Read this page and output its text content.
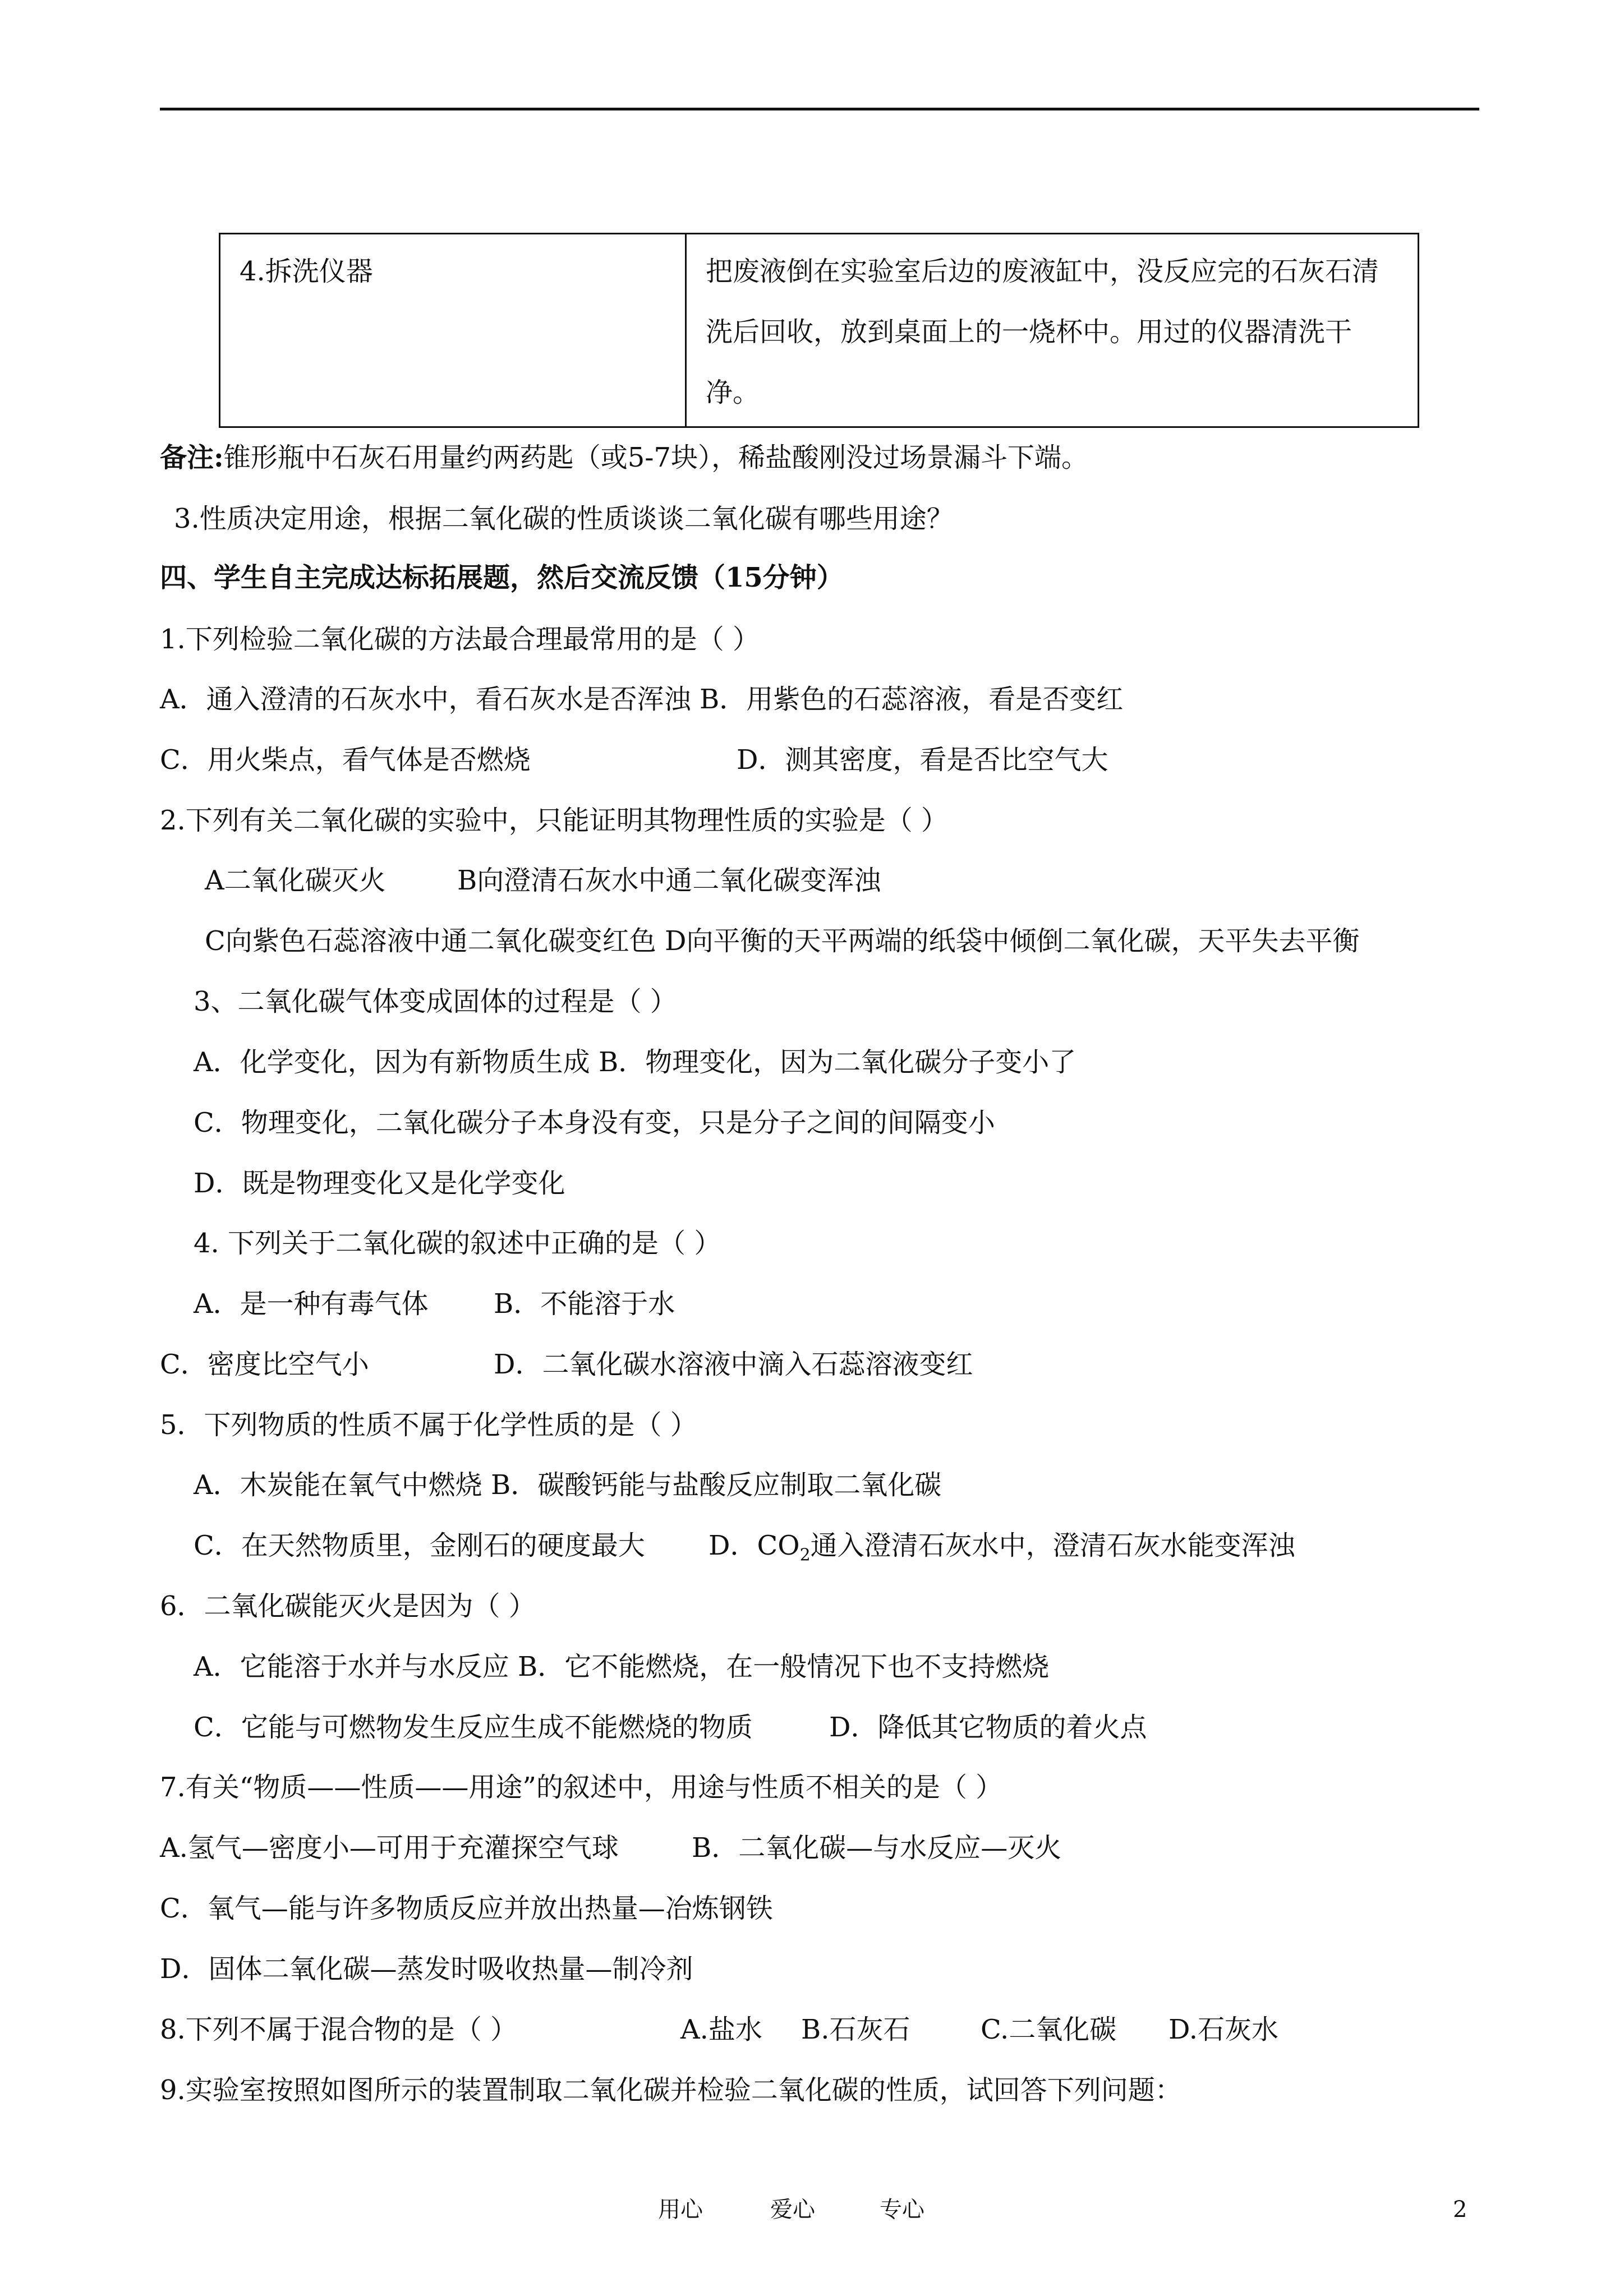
4.拆洗仪器	把废液倒在实验室后边的废液缸中，没反应完的石灰石清洗后回收，放到桌面上的一烧杯中。用过的仪器清洗干净。
备注:锥形瓶中石灰石用量约两药匙（或5-7块），稀盐酸刚没过场景漏斗下端。
3.性质决定用途，根据二氧化碳的性质谈谈二氧化碳有哪些用途？
四、学生自主完成达标拓展题，然后交流反馈（15分钟）
1.下列检验二氧化碳的方法最合理最常用的是（ ）
A．通入澄清的石灰水中，看石灰水是否浑浊 B．用紫色的石蕊溶液，看是否变红
C．用火柴点，看气体是否燃烧	D．测其密度，看是否比空气大
2.下列有关二氧化碳的实验中，只能证明其物理性质的实验是（ ）
A二氧化碳灭火	B向澄清石灰水中通二氧化碳变浑浊
C向紫色石蕊溶液中通二氧化碳变红色 D向平衡的天平两端的纸袋中倾倒二氧化碳，天平失去平衡
3、二氧化碳气体变成固体的过程是（ ）
A．化学变化，因为有新物质生成 B．物理变化，因为二氧化碳分子变小了
C．物理变化，二氧化碳分子本身没有变，只是分子之间的间隔变小
D．既是物理变化又是化学变化
4. 下列关于二氧化碳的叙述中正确的是（ ）
A．是一种有毒气体 B．不能溶于水
C．密度比空气小	D．二氧化碳水溶液中滴入石蕊溶液变红
5．下列物质的性质不属于化学性质的是（ ）
A．木炭能在氧气中燃烧 B．碳酸钙能与盐酸反应制取二氧化碳
C．在天然物质里，金刚石的硬度最大 D．$CO_2$通入澄清石灰水中，澄清石灰水能变浑浊
6．二氧化碳能灭火是因为（ ）
A．它能溶于水并与水反应 B．它不能燃烧，在一般情况下也不支持燃烧
C．它能与可燃物发生反应生成不能燃烧的物质	D．降低其它物质的着火点
7.有关“物质——性质——用途”的叙述中，用途与性质不相关的是（ ）
A.氢气—密度小—可用于充灌探空气球	B．二氧化碳—与水反应—灭火
C．氧气—能与许多物质反应并放出热量—冶炼钢铁
D．固体二氧化碳—蒸发时吸收热量—制冷剂
8.下列不属于混合物的是（ ）	A.盐水 B.石灰石	C.二氧化碳 D.石灰水
9.实验室按照如图所示的装置制取二氧化碳并检验二氧化碳的性质，试回答下列问题：
用心	爱心	专心	2
